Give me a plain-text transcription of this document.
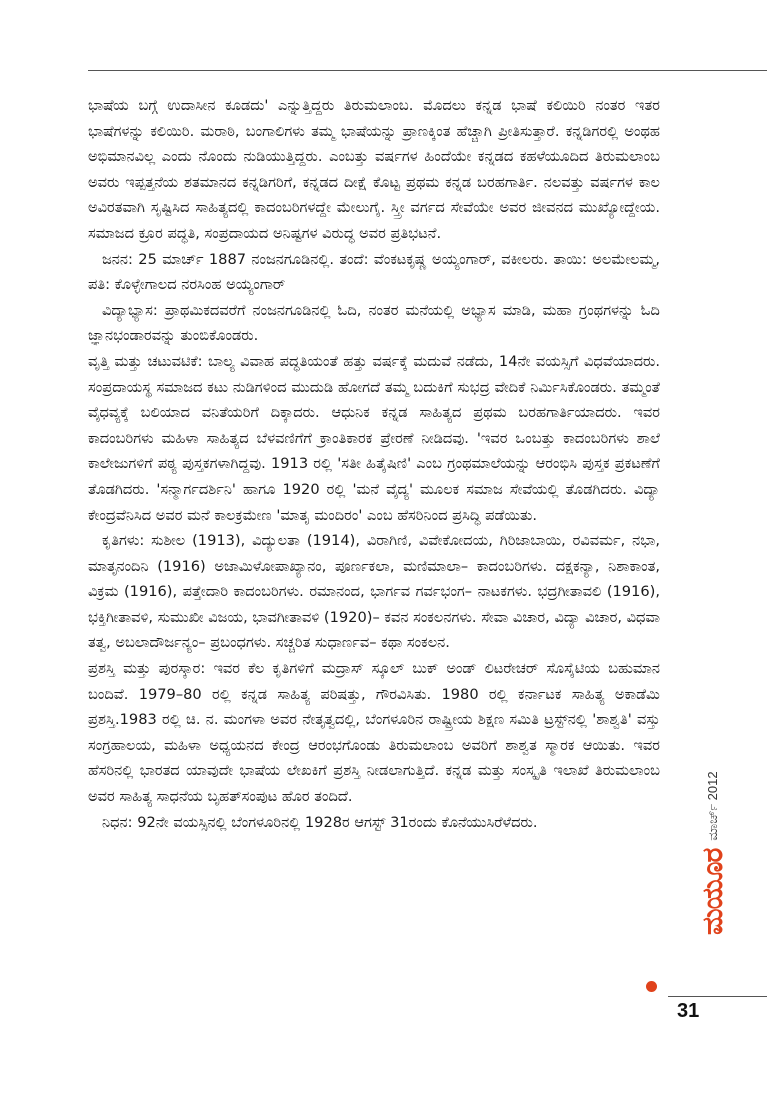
ಭಾಷೆಯ ಬಗ್ಗೆ ಉದಾಸೀನ ಕೂಡದು' ಎನ್ನುತ್ತಿದ್ದರು ತಿರುಮಲಾಂಬ. ಮೊದಲು ಕನ್ನಡ ಭಾಷೆ ಕಲಿಯಿರಿ ನಂತರ ಇತರ ಭಾಷೆಗಳನ್ನು ಕಲಿಯಿರಿ. ಮರಾಠಿ, ಬಂಗಾಲಿಗಳು ತಮ್ಮ ಭಾಷೆಯನ್ನು ಪ್ರಾಣಕ್ಕಿಂತ ಹೆಚ್ಚಾಗಿ ಪ್ರೀತಿಸುತ್ತಾರೆ. ಕನ್ನಡಿಗರಲ್ಲಿ ಅಂಥಹ ಅಭಿಮಾನವಿಲ್ಲ ಎಂದು ನೊಂದು ನುಡಿಯುತ್ತಿದ್ದರು. ಎಂಬತ್ತು ವರ್ಷಗಳ ಹಿಂದೆಯೇ ಕನ್ನಡದ ಕಹಳೆಯೂದಿದ ತಿರುಮಲಾಂಬ ಅವರು ಇಪ್ಪತ್ತನೆಯ ಶತಮಾನದ ಕನ್ನಡಿಗರಿಗೆ, ಕನ್ನಡದ ದೀಕ್ಷೆ ಕೊಟ್ಟ ಪ್ರಥಮ ಕನ್ನಡ ಬರಹಗಾರ್ತಿ. ನಲವತ್ತು ವರ್ಷಗಳ ಕಾಲ ಅವಿರತವಾಗಿ ಸೃಷ್ಟಿಸಿದ ಸಾಹಿತ್ಯದಲ್ಲಿ ಕಾದಂಬರಿಗಳದ್ದೇ ಮೇಲುಗೈ. ಸ್ತ್ರೀ ವರ್ಗದ ಸೇವೆಯೇ ಅವರ ಜೀವನದ ಮುಖ್ಯೋದ್ದೇಯ. ಸಮಾಜದ ಕ್ರೂರ ಪದ್ಧತಿ, ಸಂಪ್ರದಾಯದ ಅನಿಷ್ಟಗಳ ವಿರುದ್ಧ ಅವರ ಪ್ರತಿಭಟನೆ.

ಜನನ: 25 ಮಾರ್ಚ್ 1887 ನಂಜನಗೂಡಿನಲ್ಲಿ. ತಂದೆ: ವೆಂಕಟಕೃಷ್ಣ ಅಯ್ಯಂಗಾರ್, ವಕೀಲರು. ತಾಯಿ: ಅಲಮೇಲಮ್ಮ, ಪತಿ: ಕೊಳ್ಳೇಗಾಲದ ನರಸಿಂಹ ಅಯ್ಯಂಗಾರ್

ವಿದ್ಯಾಭ್ಯಾಸ: ಪ್ರಾಥಮಿಕದವರೆಗೆ ನಂಜನಗೂಡಿನಲ್ಲಿ ಓದಿ, ನಂತರ ಮನೆಯಲ್ಲಿ ಅಭ್ಯಾಸ ಮಾಡಿ, ಮಹಾ ಗ್ರಂಥಗಳನ್ನು ಓದಿ ಜ್ಞಾನಭಂಡಾರವನ್ನು ತುಂಬಿಕೊಂಡರು.

ವೃತ್ತಿ ಮತ್ತು ಚಟುವಟಿಕೆ: ಬಾಲ್ಯ ವಿವಾಹ ಪದ್ಧತಿಯಂತೆ ಹತ್ತು ವರ್ಷಕ್ಕೆ ಮದುವೆ ನಡೆದು, 14ನೇ ವಯಸ್ಸಿಗೆ ವಿಧವೆಯಾದರು. ಸಂಪ್ರದಾಯಸ್ಥ ಸಮಾಜದ ಕಟು ನುಡಿಗಳಿಂದ ಮುದುಡಿ ಹೋಗದೆ ತಮ್ಮ ಬದುಕಿಗೆ ಸುಭದ್ರ ವೇದಿಕೆ ನಿರ್ಮಿಸಿಕೊಂಡರು. ತಮ್ಮಂತೆ ವೈಧವ್ಯಕ್ಕೆ ಬಲಿಯಾದ ವನಿತೆಯರಿಗೆ ದಿಕ್ಕಾದರು. ಆಧುನಿಕ ಕನ್ನಡ ಸಾಹಿತ್ಯದ ಪ್ರಥಮ ಬರಹಗಾರ್ತಿಯಾದರು. ಇವರ ಕಾದಂಬರಿಗಳು ಮಹಿಳಾ ಸಾಹಿತ್ಯದ ಬೆಳವಣಿಗೆಗೆ ಕ್ರಾಂತಿಕಾರಕ ಪ್ರೇರಣೆ ನೀಡಿದವು. 'ಇವರ ಒಂಬತ್ತು ಕಾದಂಬರಿಗಳು ಶಾಲೆ ಕಾಲೇಜುಗಳಿಗೆ ಪಠ್ಯ ಪುಸ್ತಕಗಳಾಗಿದ್ದವು. 1913 ರಲ್ಲಿ 'ಸತೀ ಹಿತೈಷಿಣಿ' ಎಂಬ ಗ್ರಂಥಮಾಲೆಯನ್ನು ಆರಂಭಿಸಿ ಪುಸ್ತಕ ಪ್ರಕಟಣೆಗೆ ತೊಡಗಿದರು. 'ಸನ್ಮಾರ್ಗದರ್ಶಿನಿ' ಹಾಗೂ 1920 ರಲ್ಲಿ 'ಮನೆ ವೈದ್ಯ' ಮೂಲಕ ಸಮಾಜ ಸೇವೆಯಲ್ಲಿ ತೊಡಗಿದರು. ವಿದ್ಯಾ ಕೇಂದ್ರವೆನಿಸಿದ ಅವರ ಮನೆ ಕಾಲಕ್ರಮೇಣ 'ಮಾತೃ ಮಂದಿರಂ' ಎಂಬ ಹೆಸರಿನಿಂದ ಪ್ರಸಿದ್ಧಿ ಪಡೆಯಿತು.

ಕೃತಿಗಳು: ಸುಶೀಲ (1913), ವಿದ್ಯುಲತಾ (1914), ವಿರಾಗಿಣಿ, ವಿವೇಕೋದಯ, ಗಿರಿಜಾಬಾಯಿ, ರವಿವರ್ಮ, ನಭಾ, ಮಾತೃನಂದಿನಿ (1916) ಅಜಾಮಿಳೋಪಾಖ್ಯಾನಂ, ಪೂರ್ಣಕಲಾ, ಮಣಿಮಾಲಾ– ಕಾದಂಬರಿಗಳು. ದಕ್ಷಕನ್ಯಾ, ನಿಶಾಕಾಂತ, ವಿಕ್ರಮ (1916), ಪತ್ತೇದಾರಿ ಕಾದಂಬರಿಗಳು. ರಮಾನಂದ, ಭಾರ್ಗವ ಗರ್ವಭಂಗ– ನಾಟಕಗಳು. ಭದ್ರಗೀತಾವಲಿ (1916), ಭಕ್ತಿಗೀತಾವಳಿ, ಸುಮುಖೀ ವಿಜಯ, ಭಾವಗೀತಾವಳಿ (1920)– ಕವನ ಸಂಕಲನಗಳು. ಸೇವಾ ವಿಚಾರ, ವಿದ್ಯಾ ವಿಚಾರ, ವಿಧವಾ ತತ್ವ, ಅಬಲಾದೌರ್ಜನ್ಯಂ– ಪ್ರಬಂಧಗಳು. ಸಚ್ಚರಿತ ಸುಧಾರ್ಣವ– ಕಥಾ ಸಂಕಲನ.

ಪ್ರಶಸ್ತಿ ಮತ್ತು ಪುರಸ್ಕಾರ: ಇವರ ಕೆಲ ಕೃತಿಗಳಿಗೆ ಮದ್ರಾಸ್ ಸ್ಕೂಲ್ ಬುಕ್ ಅಂಡ್ ಲಿಟರೇಚರ್ ಸೊಸೈಟಿಯ ಬಹುಮಾನ ಬಂದಿವೆ. 1979–80 ರಲ್ಲಿ ಕನ್ನಡ ಸಾಹಿತ್ಯ ಪರಿಷತ್ತು, ಗೌರವಿಸಿತು. 1980 ರಲ್ಲಿ ಕರ್ನಾಟಕ ಸಾಹಿತ್ಯ ಅಕಾಡೆಮಿ ಪ್ರಶಸ್ತಿ.1983 ರಲ್ಲಿ ಚಿ. ನ. ಮಂಗಳಾ ಅವರ ನೇತೃತ್ವದಲ್ಲಿ, ಬೆಂಗಳೂರಿನ ರಾಷ್ಟ್ರೀಯ ಶಿಕ್ಷಣ ಸಮಿತಿ ಟ್ರಸ್ಟ್‌ನಲ್ಲಿ 'ಶಾಶ್ವತಿ' ವಸ್ತು ಸಂಗ್ರಹಾಲಯ, ಮಹಿಳಾ ಅಧ್ಯಯನದ ಕೇಂದ್ರ ಆರಂಭಗೊಂಡು ತಿರುಮಲಾಂಬ ಅವರಿಗೆ ಶಾಶ್ವತ ಸ್ಮಾರಕ ಆಯಿತು. ಇವರ ಹೆಸರಿನಲ್ಲಿ ಭಾರತದ ಯಾವುದೇ ಭಾಷೆಯ ಲೇಖಕಿಗೆ ಪ್ರಶಸ್ತಿ ನೀಡಲಾಗುತ್ತಿದೆ. ಕನ್ನಡ ಮತ್ತು ಸಂಸ್ಕೃತಿ ಇಲಾಖೆ ತಿರುಮಲಾಂಬ ಅವರ ಸಾಹಿತ್ಯ ಸಾಧನೆಯ ಬೃಹತ್‌ಸಂಪುಟ ಹೊರ ತಂದಿದೆ.

ನಿಧನ: 92ನೇ ವಯಸ್ಸಿನಲ್ಲಿ ಬೆಂಗಳೂರಿನಲ್ಲಿ 1928ರ ಆಗಸ್ಟ್ 31ರಂದು ಕೊನೆಯುಸಿರೆಳೆದರು.

ಮಯೂರ
ಮಾರ್ಚ್ 2012
31
